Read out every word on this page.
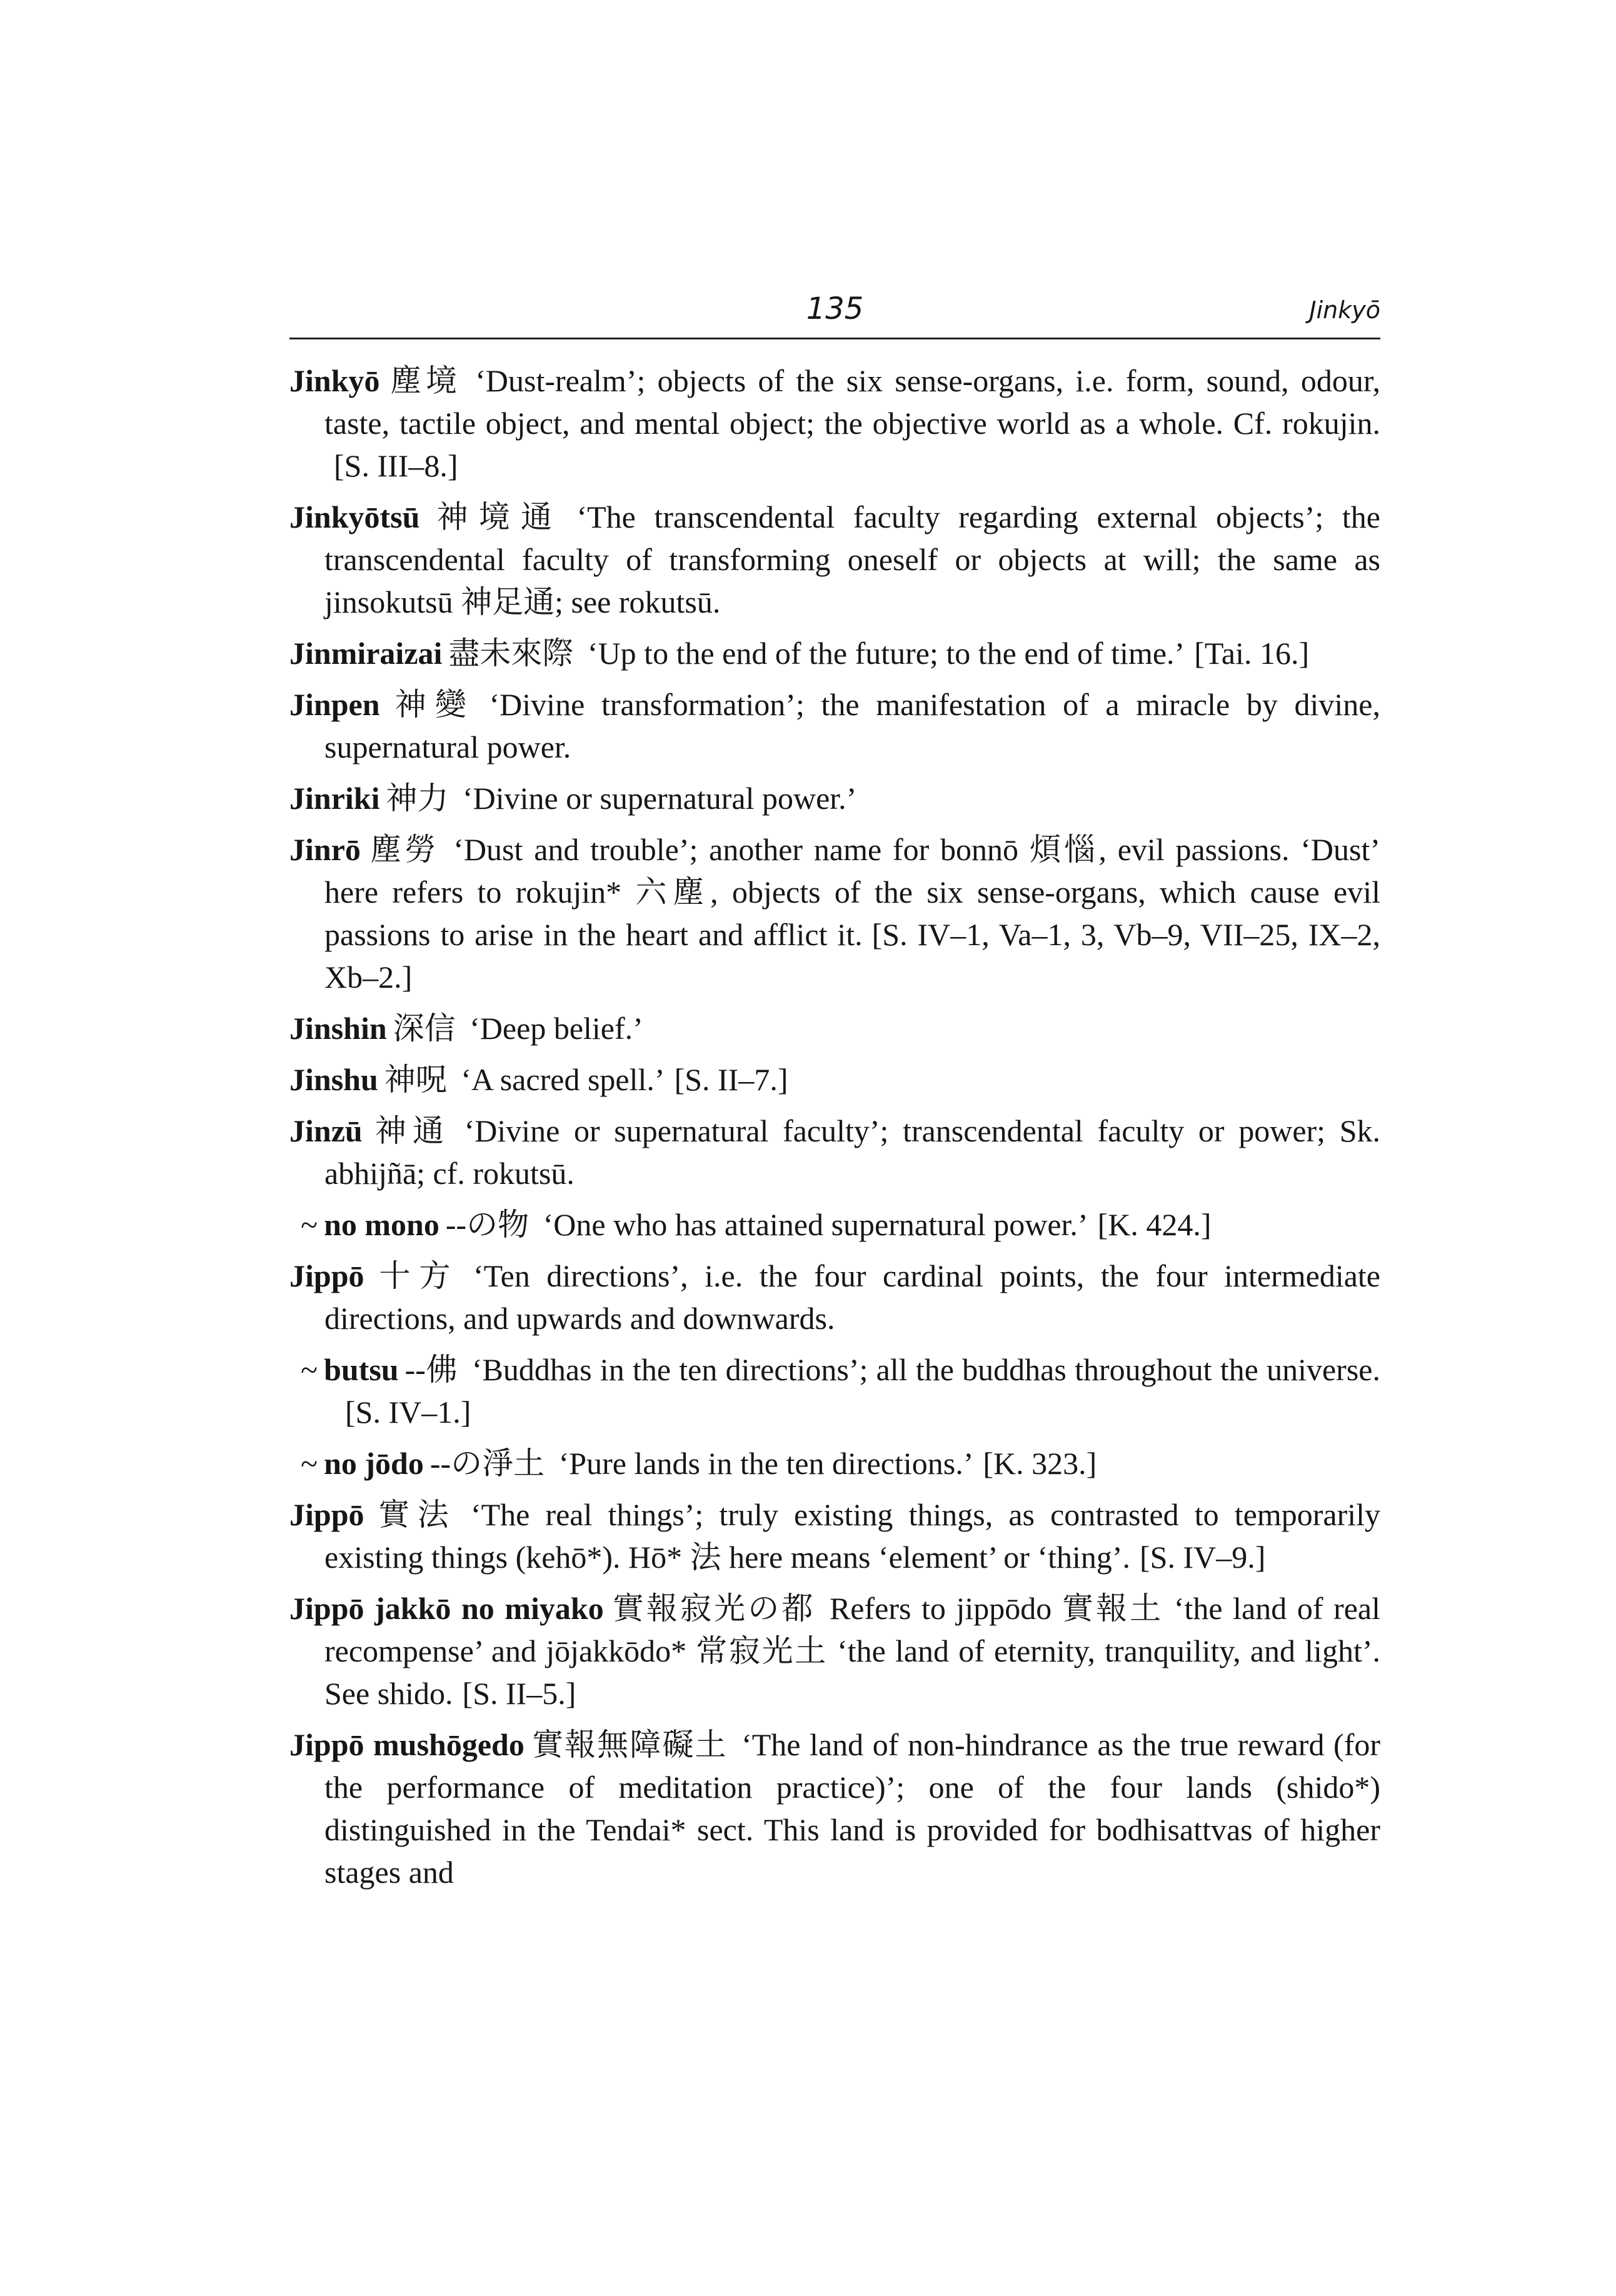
135	Jinkyō

Jinkyō 塵境 ‘Dust-realm’; objects of the six sense-organs, i.e. form, sound, odour, taste, tactile object, and mental object; the objective world as a whole. Cf. rokujin.[S. III–8.]

Jinkyōtsū 神境通 ‘The transcendental faculty regarding external objects’; the transcendental faculty of transforming oneself or objects at will; the same as jinsokutsū 神足通; see rokutsū.

Jinmiraizai 盡未來際 ‘Up to the end of the future; to the end of time.’ [Tai. 16.]

Jinpen 神變 ‘Divine transformation’; the manifestation of a miracle by divine, supernatural power.

Jinriki 神力 ‘Divine or supernatural power.’

Jinrō 塵勞 ‘Dust and trouble’; another name for bonnō 煩惱, evil passions. ‘Dust’ here refers to rokujin* 六塵, objects of the six sense-organs, which cause evil passions to arise in the heart and afflict it. [S. IV–1, Va–1, 3, Vb–9, VII–25, IX–2, Xb–2.]

Jinshin 深信 ‘Deep belief.’

Jinshu 神呪 ‘A sacred spell.’ [S. II–7.]

Jinzū 神通 ‘Divine or supernatural faculty’; transcendental faculty or power; Sk. abhijñā; cf. rokutsū.

~ no mono --の物 ‘One who has attained supernatural power.’ [K. 424.]

Jippō 十方 ‘Ten directions’, i.e. the four cardinal points, the four intermediate directions, and upwards and downwards.

~ butsu --佛 ‘Buddhas in the ten directions’; all the buddhas throughout the universe.[S. IV–1.]

~ no jōdo --の淨土 ‘Pure lands in the ten directions.’ [K. 323.]

Jippō 實法 ‘The real things’; truly existing things, as contrasted to temporarily existing things (kehō*). Hō* 法 here means ‘element’ or ‘thing’. [S. IV–9.]

Jippō jakkō no miyako 實報寂光の都 Refers to jippōdo 實報土 ‘the land of real recompense’ and jōjakkōdo* 常寂光土 ‘the land of eternity, tranquility, and light’. See shido. [S. II–5.]

Jippō mushōgedo 實報無障礙土 ‘The land of non-hindrance as the true reward (for the performance of meditation practice)’; one of the four lands (shido*) distinguished in the Tendai* sect. This land is provided for bodhisattvas of higher stages and
